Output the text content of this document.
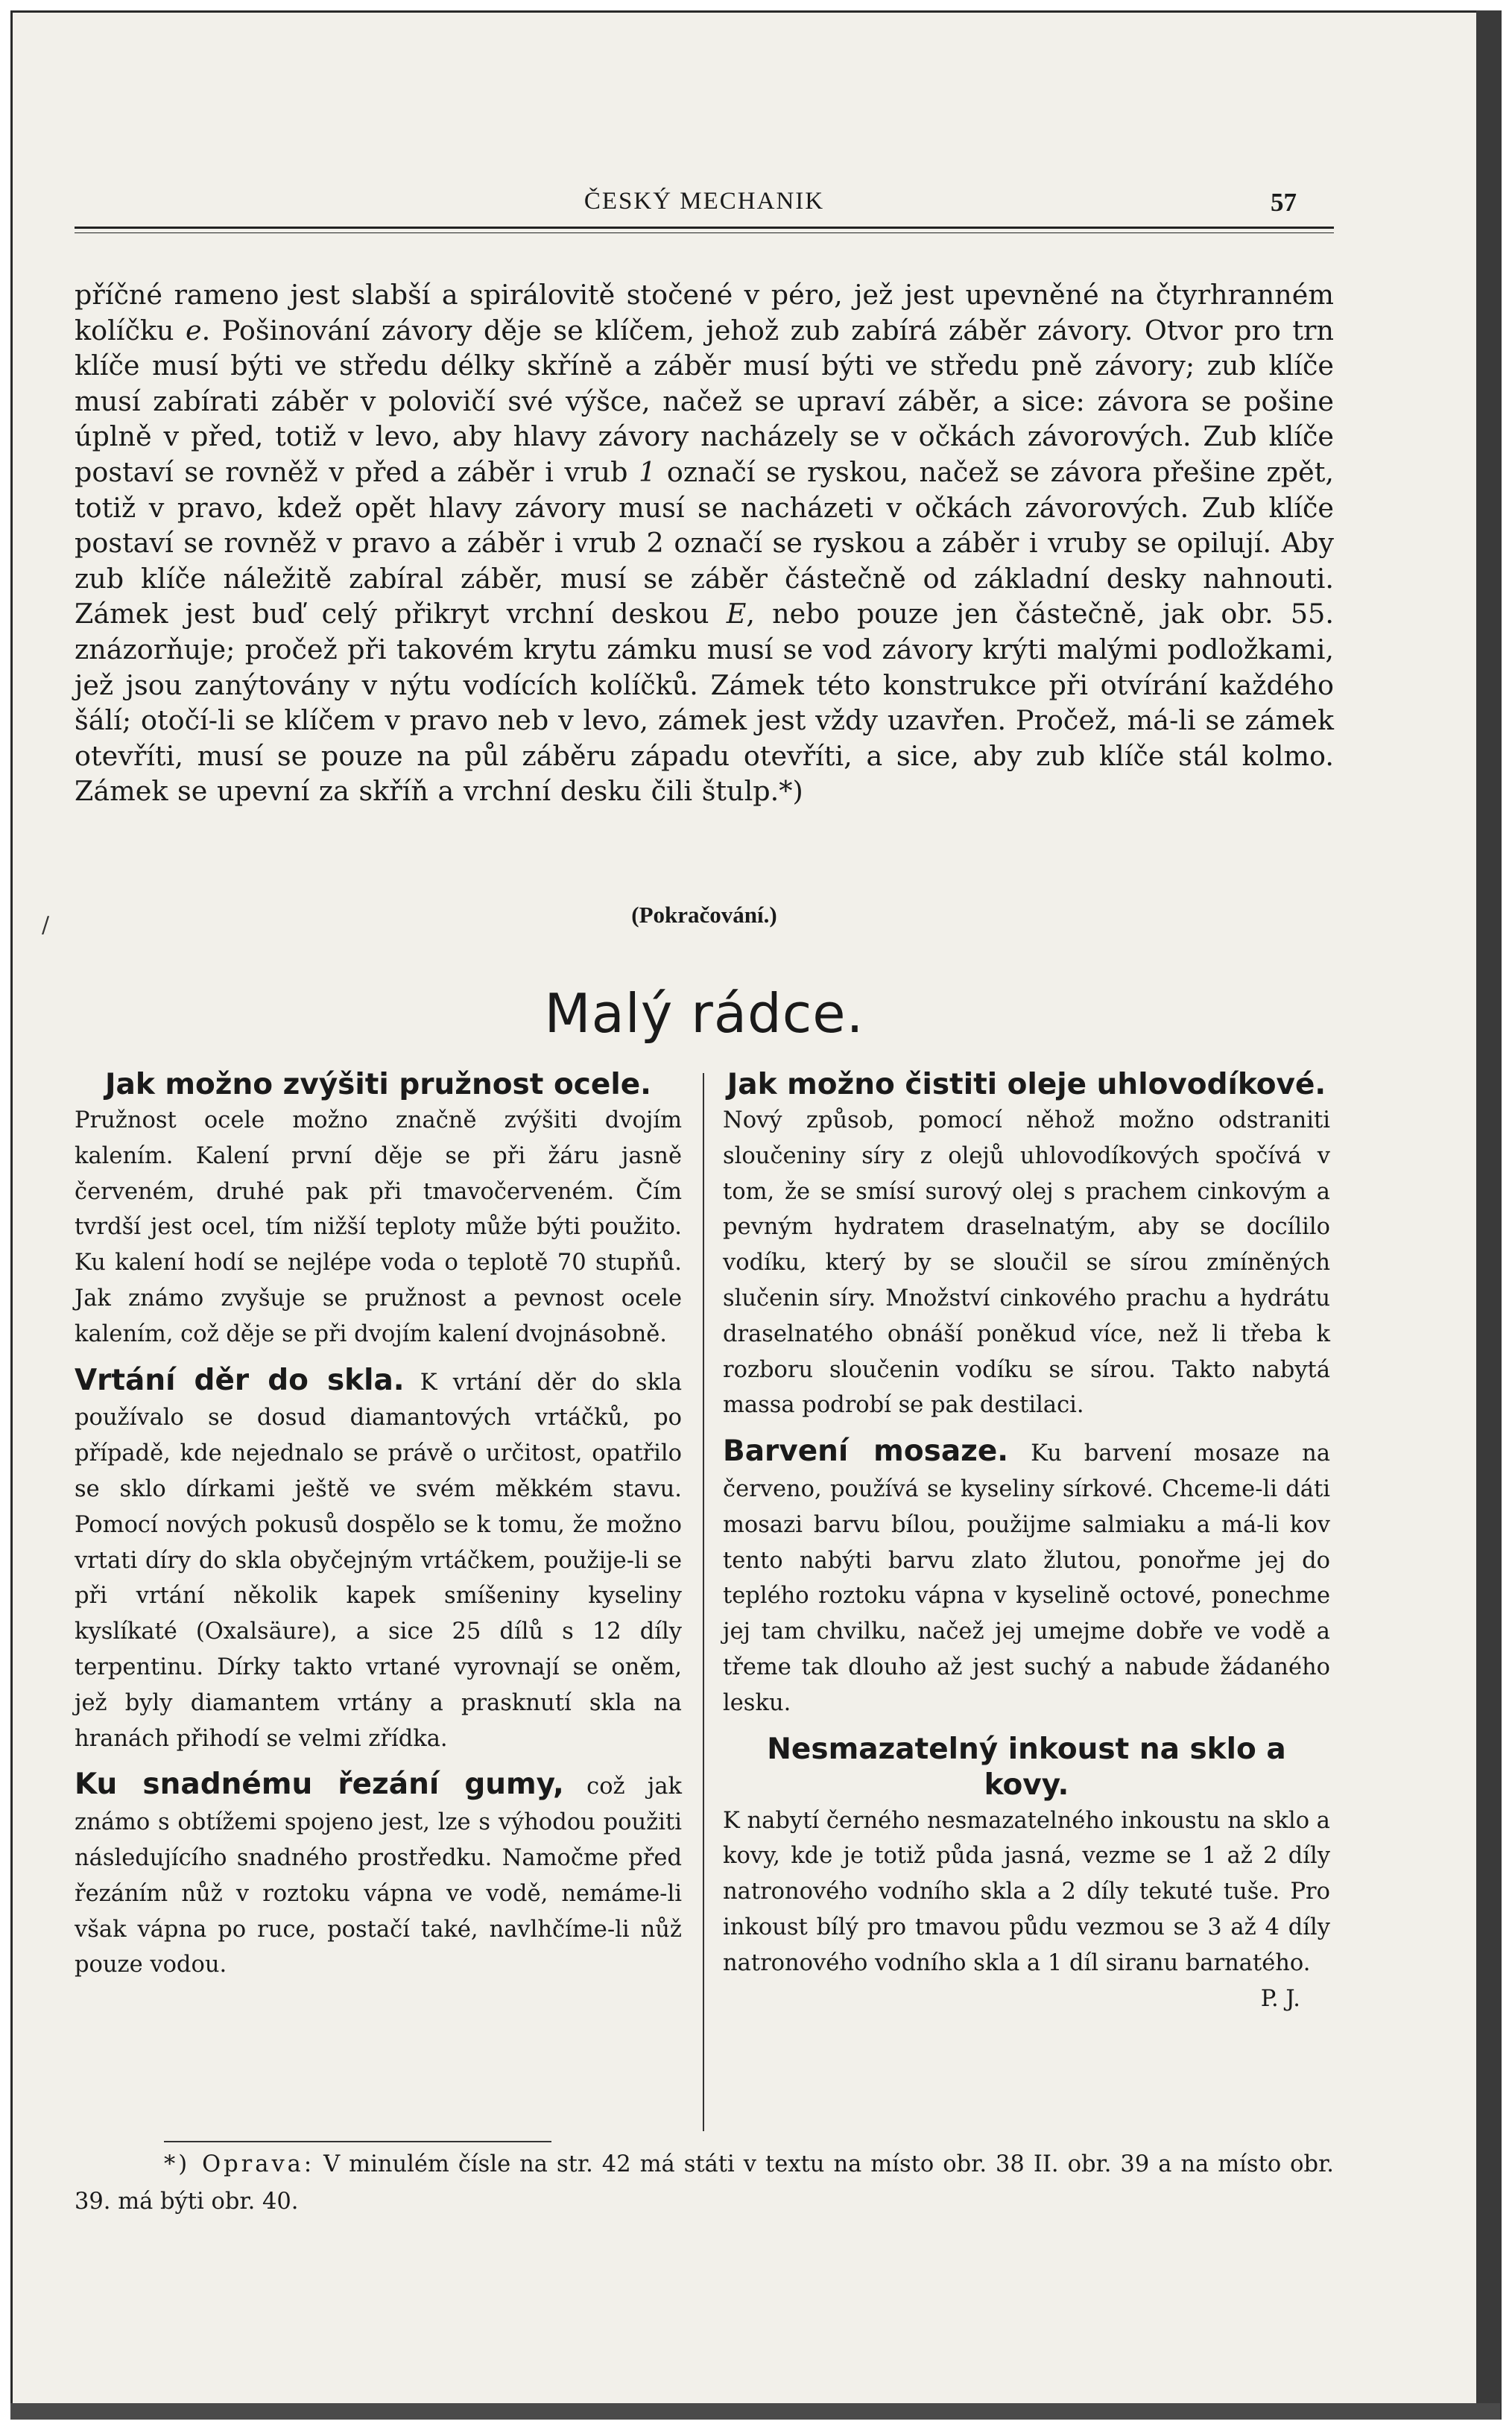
ČESKÝ MECHANIK	57
příčné rameno jest slabší a spirálovitě stočené v péro, jež jest upevněné na čtyrhranném kolíčku e. Pošinování závory děje se klíčem, jehož zub zabírá záběr závory. Otvor pro trn klíče musí býti ve středu délky skříně a záběr musí býti ve středu pně závory; zub klíče musí zabírati záběr v polovičí své výšce, načež se upraví záběr, a sice: závora se pošine úplně v před, totiž v levo, aby hlavy závory nacházely se v očkách závorových. Zub klíče postaví se rovněž v před a záběr i vrub 1 označí se ryskou, načež se závora přešine zpět, totiž v pravo, kdež opět hlavy závory musí se nacházeti v očkách závorových. Zub klíče postaví se rovněž v pravo a záběr i vrub 2 označí se ryskou a záběr i vruby se opilují. Aby zub klíče náležitě zabíral záběr, musí se záběr částečně od základní desky nahnouti. Zámek jest buď celý přikryt vrchní deskou E, nebo pouze jen částečně, jak obr. 55. znázorňuje; pročež při takovém krytu zámku musí se vod závory krýti malými podložkami, jež jsou zanýtovány v nýtu vodících kolíčků. Zámek této konstrukce při otvírání každého šálí; otočí-li se klíčem v pravo neb v levo, zámek jest vždy uzavřen. Pročež, má-li se zámek otevříti, musí se pouze na půl záběru západu otevříti, a sice, aby zub klíče stál kolmo. Zámek se upevní za skříň a vrchní desku čili štulp.*)
/	(Pokračování.)
Malý rádce.
Jak možno zvýšiti pružnost ocele.

Pružnost ocele možno značně zvýšiti dvojím kalením. Kalení první děje se při žáru jasně červeném, druhé pak při tmavočerveném. Čím tvrdší jest ocel, tím nižší teploty může býti použito. Ku kalení hodí se nejlépe voda o teplotě 70 stupňů. Jak známo zvyšuje se pružnost a pevnost ocele kalením, což děje se při dvojím kalení dvojnásobně.

Vrtání děr do skla. K vrtání děr do skla používalo se dosud diamantových vrtáčků, po případě, kde nejednalo se právě o určitost, opatřilo se sklo dírkami ještě ve svém měkkém stavu. Pomocí nových pokusů dospělo se k tomu, že možno vrtati díry do skla obyčejným vrtáčkem, použije-li se při vrtání několik kapek smíšeniny kyseliny kyslíkaté (Oxalsäure), a sice 25 dílů s 12 díly terpentinu. Dírky takto vrtané vyrovnají se oněm, jež byly diamantem vrtány a prasknutí skla na hranách přihodí se velmi zřídka.

Ku snadnému řezání gumy, což jak známo s obtížemi spojeno jest, lze s výhodou použiti následujícího snadného prostředku. Namočme před řezáním nůž v roztoku vápna ve vodě, nemáme-li však vápna po ruce, postačí také, navlhčíme-li nůž pouze vodou.

Jak možno čistiti oleje uhlovodíkové.

Nový způsob, pomocí něhož možno odstraniti sloučeniny síry z olejů uhlovodíkových spočívá v tom, že se smísí surový olej s prachem cinkovým a pevným hydratem draselnatým, aby se docílilo vodíku, který by se sloučil se sírou zmíněných slučenin síry. Množství cinkového prachu a hydrátu draselnatého obnáší poněkud více, než li třeba k rozboru sloučenin vodíku se sírou. Takto nabytá massa podrobí se pak destilaci.

Barvení mosaze. Ku barvení mosaze na červeno, používá se kyseliny sírkové. Chceme-li dáti mosazi barvu bílou, použijme salmiaku a má-li kov tento nabýti barvu zlato žlutou, ponořme jej do teplého roztoku vápna v kyselině octové, ponechme jej tam chvilku, načež jej umejme dobře ve vodě a třeme tak dlouho až jest suchý a nabude žádaného lesku.

Nesmazatelný inkoust na sklo a kovy.

K nabytí černého nesmazatelného inkoustu na sklo a kovy, kde je totiž půda jasná, vezme se 1 až 2 díly natronového vodního skla a 2 díly tekuté tuše. Pro inkoust bílý pro tmavou půdu vezmou se 3 až 4 díly natronového vodního skla a 1 díl siranu barnatého.
P. J.

*) Oprava: V minulém čísle na str. 42 má státi v textu na místo obr. 38 II. obr. 39 a na místo obr. 39. má býti obr. 40.
